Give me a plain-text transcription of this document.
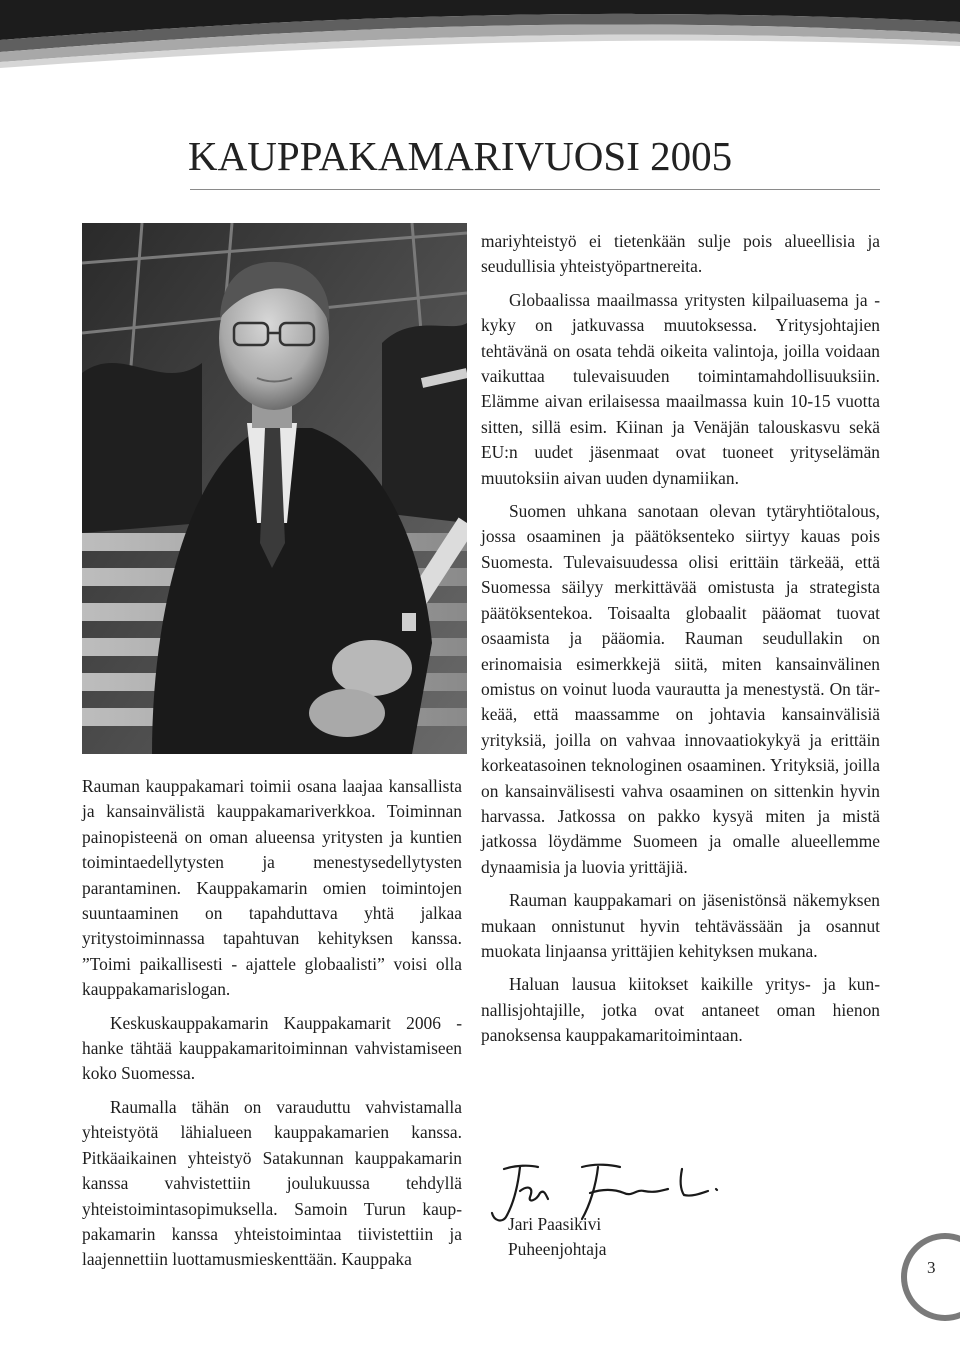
KAUPPAKAMARIVUOSI 2005

Rauman kauppakamari toimii osana laajaa kansallista ja kansainvälistä kauppakamariverkkoa. Toiminnan painopisteenä on oman alueensa yritysten ja kuntien toimintaedellytysten ja menestysedellytysten parantaminen. Kauppakamarin omien toimintojen suuntaaminen on tapahduttava yhtä jalkaa yritystoiminnassa tapahtuvan kehityksen kanssa. ”Toimi paikallisesti - ajattele globaalisti” voisi olla kauppakamarislogan.

Keskuskauppakamarin Kauppakamarit 2006 -hanke tähtää kauppakamaritoiminnan vahvistamiseen koko Suomessa.

Raumalla tähän on varauduttu vahvistamalla yhteistyötä lähialueen kauppakamarien kanssa. Pitkäaikainen yhteistyö Satakunnan kauppakamarin kanssa vahvistettiin joulukuussa tehdyllä yhteistoimintasopimuksella. Samoin Turun kauppakamarin kanssa yhteistoimintaa tiivistettiin ja laajennettiin luottamusmieskenttään. Kauppaka

mariyhteistyö ei tietenkään sulje pois alueellisia ja seudullisia yhteistyöpartnereita.

Globaalissa maailmassa yritysten kilpailuasema ja -kyky on jatkuvassa muutoksessa. Yritysjohtajien tehtävänä on osata tehdä oikeita valintoja, joilla voidaan vaikuttaa tulevaisuuden toimintamahdollisuuksiin. Elämme aivan erilaisessa maailmassa kuin 10-15 vuotta sitten, sillä esim. Kiinan ja Venäjän talouskasvu sekä EU:n uudet jäsenmaat ovat tuoneet yrityselämän muutoksiin aivan uuden dynamiikan.

Suomen uhkana sanotaan olevan tytäryhtiötalous, jossa osaaminen ja päätöksenteko siirtyy kauas pois Suomesta. Tulevaisuudessa olisi erittäin tärkeää, että Suomessa säilyy merkittävää omistusta ja strategista päätöksentekoa. Toisaalta globaalit pääomat tuovat osaamista ja pääomia. Rauman seudullakin on erinomaisia esimerkkejä siitä, miten kansainvälinen omistus on voinut luoda vaurautta ja menestystä. On tärkeää, että maassamme on johtavia kansainvälisiä yrityksiä, joilla on vahvaa innovaatiokykyä ja erittäin korkeatasoinen teknologinen osaaminen. Yrityksiä, joilla on kansainvälisesti vahva osaaminen on sittenkin hyvin harvassa. Jatkossa on pakko kysyä miten ja mistä jatkossa löydämme Suomeen ja omalle alueellemme dynaamisia ja luovia yrittäjiä.

Rauman kauppakamari on jäsenistönsä näkemyksen mukaan onnistunut hyvin tehtävässään ja osannut muokata linjaansa yrittäjien kehityksen mukana.

Haluan lausua kiitokset kaikille yritys- ja kunnallisjohtajille, jotka ovat antaneet oman hienon panoksensa kauppakamaritoimintaan.

Jari Paasikivi
Puheenjohtaja
3
